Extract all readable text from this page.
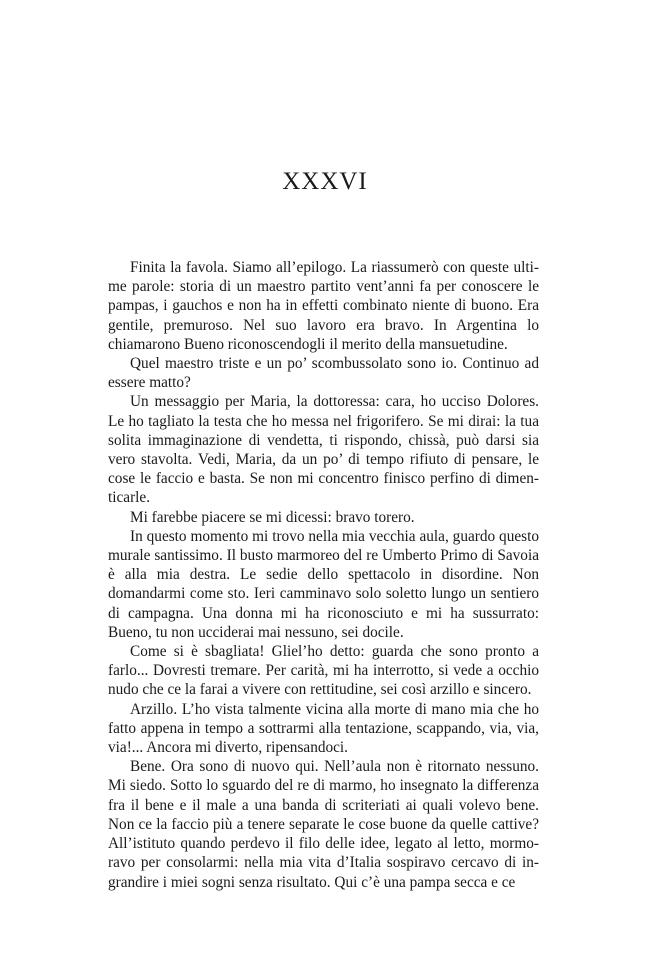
XXXVI

Finita la favola. Siamo all’epilogo. La riassumerò con queste ultime parole: storia di un maestro partito vent’anni fa per conoscere le pampas, i gauchos e non ha in effetti combinato niente di buono. Era gentile, premuroso. Nel suo lavoro era bravo. In Argentina lo chiamarono Bueno riconoscendogli il merito della mansuetudine.

Quel maestro triste e un po’ scombussolato sono io. Continuo ad essere matto?

Un messaggio per Maria, la dottoressa: cara, ho ucciso Dolores. Le ho tagliato la testa che ho messa nel frigorifero. Se mi dirai: la tua solita immaginazione di vendetta, ti rispondo, chissà, può darsi sia vero stavolta. Vedi, Maria, da un po’ di tempo rifiuto di pensare, le cose le faccio e basta. Se non mi concentro finisco perfino di dimenticarle.

Mi farebbe piacere se mi dicessi: bravo torero.

In questo momento mi trovo nella mia vecchia aula, guardo questo murale santissimo. Il busto marmoreo del re Umberto Primo di Savoia è alla mia destra. Le sedie dello spettacolo in disordine. Non domandarmi come sto. Ieri camminavo solo soletto lungo un sentiero di campagna. Una donna mi ha riconosciuto e mi ha sussurrato: Bueno, tu non ucciderai mai nessuno, sei docile.

Come si è sbagliata! Gliel’ho detto: guarda che sono pronto a farlo... Dovresti tremare. Per carità, mi ha interrotto, si vede a occhio nudo che ce la farai a vivere con rettitudine, sei così arzillo e sincero.

Arzillo. L’ho vista talmente vicina alla morte di mano mia che ho fatto appena in tempo a sottrarmi alla tentazione, scappando, via, via, via!... Ancora mi diverto, ripensandoci.

Bene. Ora sono di nuovo qui. Nell’aula non è ritornato nessuno. Mi siedo. Sotto lo sguardo del re di marmo, ho insegnato la differenza fra il bene e il male a una banda di scriteriati ai quali volevo bene. Non ce la faccio più a tenere separate le cose buone da quelle cattive? All’istituto quando perdevo il filo delle idee, legato al letto, mormoravo per consolarmi: nella mia vita d’Italia sospiravo cercavo di ingrandire i miei sogni senza risultato. Qui c’è una pampa secca e ce
